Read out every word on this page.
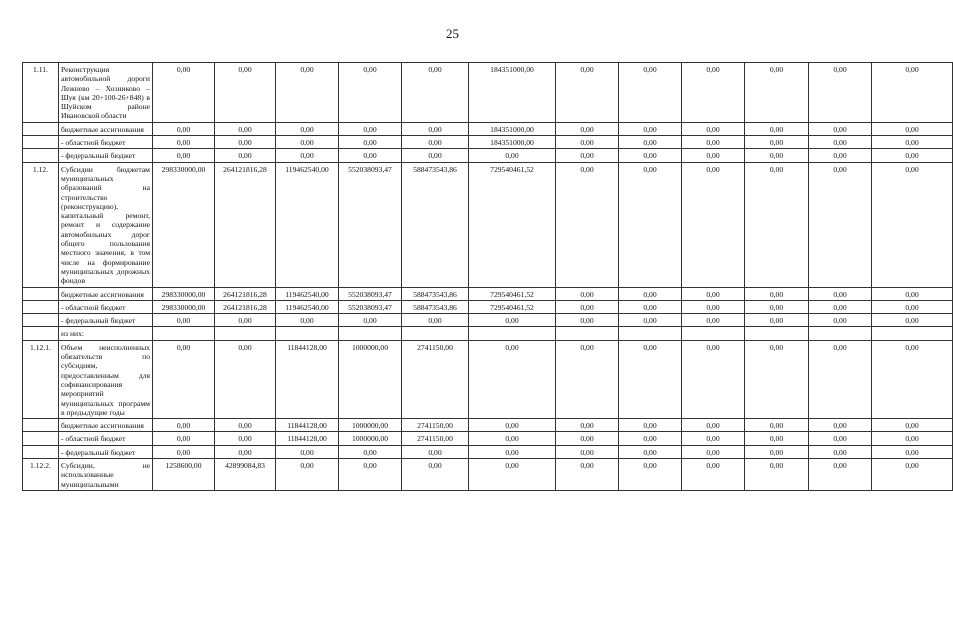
25
1.11.	Реконструкция автомобильной дороги Лежнево – Хозниково – Шуя (км 20+100-26+848) в Шуйском районе Ивановской области	0,00	0,00	0,00	0,00	0,00	184351000,00	0,00	0,00	0,00	0,00	0,00	0,00
	бюджетные ассигнования	0,00	0,00	0,00	0,00	0,00	184351000,00	0,00	0,00	0,00	0,00	0,00	0,00
	- областной бюджет	0,00	0,00	0,00	0,00	0,00	184351000,00	0,00	0,00	0,00	0,00	0,00	0,00
	- федеральный бюджет	0,00	0,00	0,00	0,00	0,00	0,00	0,00	0,00	0,00	0,00	0,00	0,00
1.12.	Субсидии бюджетам муниципальных образований на строительство (реконструкцию), капитальный ремонт, ремонт и содержание автомобильных дорог общего пользования местного значения, в том числе на формирование муниципальных дорожных фондов	298330000,00	264121816,28	119462540,00	552038093,47	588473543,86	729540461,52	0,00	0,00	0,00	0,00	0,00	0,00
	бюджетные ассигнования	298330000,00	264121816,28	119462540,00	552038093,47	588473543,86	729540461,52	0,00	0,00	0,00	0,00	0,00	0,00
	- областной бюджет	298330000,00	264121816,28	119462540,00	552038093,47	588473543,86	729540461,52	0,00	0,00	0,00	0,00	0,00	0,00
	- федеральный бюджет	0,00	0,00	0,00	0,00	0,00	0,00	0,00	0,00	0,00	0,00	0,00	0,00
	из них:												
1.12.1.	Объем неисполненных обязательств по субсидиям, предоставленным для софинансирования мероприятий муниципальных программ в предыдущие годы	0,00	0,00	11844128,00	1000000,00	2741150,00	0,00	0,00	0,00	0,00	0,00	0,00	0,00
	бюджетные ассигнования	0,00	0,00	11844128,00	1000000,00	2741150,00	0,00	0,00	0,00	0,00	0,00	0,00	0,00
	- областной бюджет	0,00	0,00	11844128,00	1000000,00	2741150,00	0,00	0,00	0,00	0,00	0,00	0,00	0,00
	- федеральный бюджет	0,00	0,00	0,00	0,00	0,00	0,00	0,00	0,00	0,00	0,00	0,00	0,00
1.12.2.	Субсидии, не использованные муниципальными	1258600,00	42899084,83	0,00	0,00	0,00	0,00	0,00	0,00	0,00	0,00	0,00	0,00
